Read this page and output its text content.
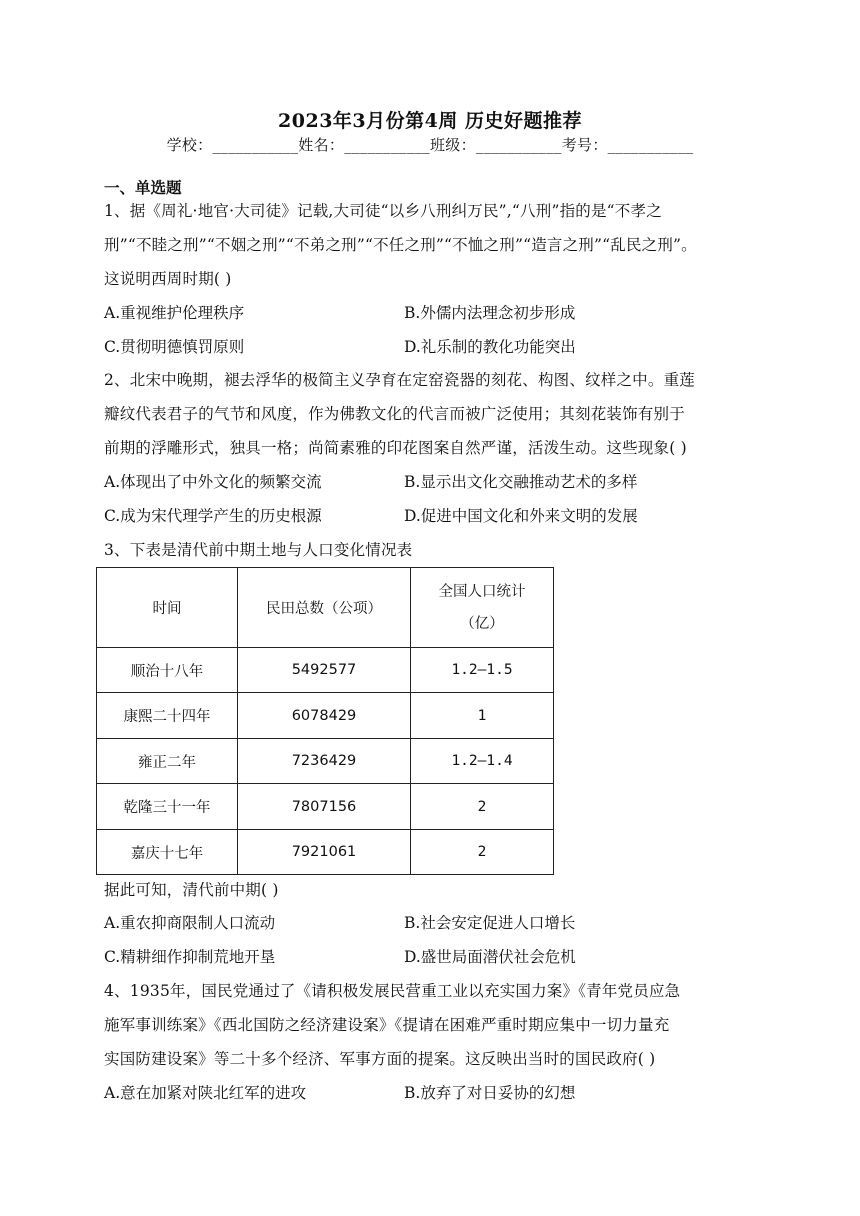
2023年3月份第4周 历史好题推荐
学校：___________姓名：___________班级：___________考号：___________
一、单选题
1、据《周礼·地官·大司徒》记载,大司徒“以乡八刑纠万民”,“八刑”指的是“不孝之
刑”“不睦之刑”“不姻之刑”“不弟之刑”“不任之刑”“不恤之刑”“造言之刑”“乱民之刑”。
这说明西周时期( )
A.重视维护伦理秩序	B.外儒内法理念初步形成
C.贯彻明德慎罚原则	D.礼乐制的教化功能突出
2、北宋中晚期，褪去浮华的极简主义孕育在定窑瓷器的刻花、构图、纹样之中。重莲
瓣纹代表君子的气节和风度，作为佛教文化的代言而被广泛使用；其刻花装饰有别于
前期的浮雕形式，独具一格；尚简素雅的印花图案自然严谨，活泼生动。这些现象( )
A.体现出了中外文化的频繁交流	B.显示出文化交融推动艺术的多样
C.成为宋代理学产生的历史根源	D.促进中国文化和外来文明的发展
3、下表是清代前中期土地与人口变化情况表
时间	民田总数（公项）	全国人口统计
（亿）

顺治十八年	5492577	1.2—1.5
康熙二十四年	6078429	1
雍正二年	7236429	1.2—1.4
乾隆三十一年	7807156	2
嘉庆十七年	7921061	2
据此可知，清代前中期( )
A.重农抑商限制人口流动	B.社会安定促进人口增长
C.精耕细作抑制荒地开垦	D.盛世局面潜伏社会危机
4、1935年，国民党通过了《请积极发展民营重工业以充实国力案》《青年党员应急
施军事训练案》《西北国防之经济建设案》《提请在困难严重时期应集中一切力量充
实国防建设案》等二十多个经济、军事方面的提案。这反映出当时的国民政府( )
A.意在加紧对陕北红军的进攻	B.放弃了对日妥协的幻想
